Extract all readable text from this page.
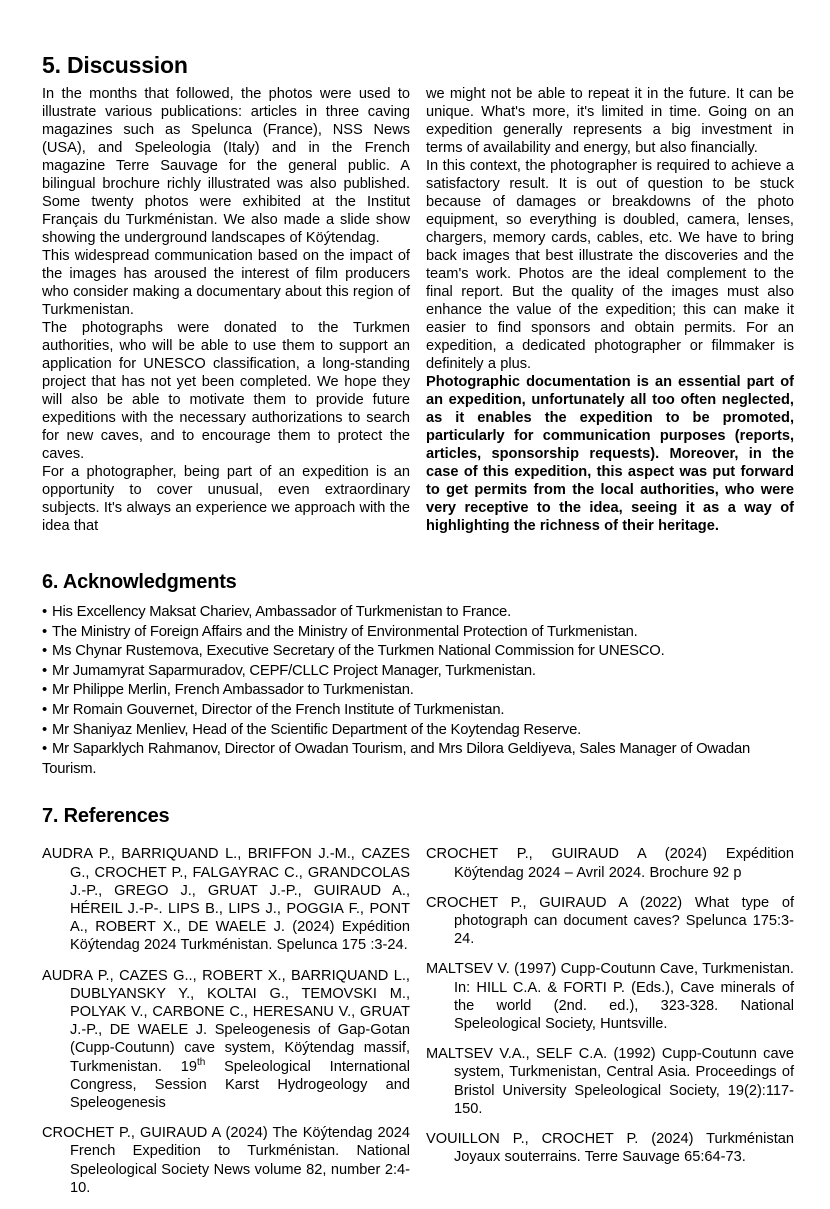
5. Discussion

In the months that followed, the photos were used to illustrate various publications: articles in three caving magazines such as Spelunca (France), NSS News (USA), and Speleologia (Italy) and in the French magazine Terre Sauvage for the general public. A bilingual brochure richly illustrated was also published. Some twenty photos were exhibited at the Institut Français du Turkménistan. We also made a slide show showing the underground landscapes of Köýtendag.

This widespread communication based on the impact of the images has aroused the interest of film producers who consider making a documentary about this region of Turkmenistan.

The photographs were donated to the Turkmen authorities, who will be able to use them to support an application for UNESCO classification, a long-standing project that has not yet been completed. We hope they will also be able to motivate them to provide future expeditions with the necessary authorizations to search for new caves, and to encourage them to protect the caves.

For a photographer, being part of an expedition is an opportunity to cover unusual, even extraordinary subjects. It's always an experience we approach with the idea that

we might not be able to repeat it in the future. It can be unique. What's more, it's limited in time. Going on an expedition generally represents a big investment in terms of availability and energy, but also financially.

In this context, the photographer is required to achieve a satisfactory result. It is out of question to be stuck because of damages or breakdowns of the photo equipment, so everything is doubled, camera, lenses, chargers, memory cards, cables, etc. We have to bring back images that best illustrate the discoveries and the team's work. Photos are the ideal complement to the final report. But the quality of the images must also enhance the value of the expedition; this can make it easier to find sponsors and obtain permits. For an expedition, a dedicated photographer or filmmaker is definitely a plus.

Photographic documentation is an essential part of an expedition, unfortunately all too often neglected, as it enables the expedition to be promoted, particularly for communication purposes (reports, articles, sponsorship requests). Moreover, in the case of this expedition, this aspect was put forward to get permits from the local authorities, who were very receptive to the idea, seeing it as a way of highlighting the richness of their heritage.

6. Acknowledgments
• His Excellency Maksat Chariev, Ambassador of Turkmenistan to France.
• The Ministry of Foreign Affairs and the Ministry of Environmental Protection of Turkmenistan.
• Ms Chynar Rustemova, Executive Secretary of the Turkmen National Commission for UNESCO.
• Mr Jumamyrat Saparmuradov, CEPF/CLLC Project Manager, Turkmenistan.
• Mr Philippe Merlin, French Ambassador to Turkmenistan.
• Mr Romain Gouvernet, Director of the French Institute of Turkmenistan.
• Mr Shaniyaz Menliev, Head of the Scientific Department of the Koytendag Reserve.
• Mr Saparklych Rahmanov, Director of Owadan Tourism, and Mrs Dilora Geldiyeva, Sales Manager of Owadan Tourism.
7. References

AUDRA P., BARRIQUAND L., BRIFFON J.-M., CAZES G., CROCHET P., FALGAYRAC C., GRANDCOLAS J.-P., GREGO J., GRUAT J.-P., GUIRAUD A., HÉREIL J.-P-. LIPS B., LIPS J., POGGIA F., PONT A., ROBERT X., DE WAELE J. (2024) Expédition Köýtendag 2024 Turkménistan. Spelunca 175 :3-24.

AUDRA P., CAZES G.., ROBERT X., BARRIQUAND L., DUBLYANSKY Y., KOLTAI G., TEMOVSKI M., POLYAK V., CARBONE C., HERESANU V., GRUAT J.-P., DE WAELE J. Speleogenesis of Gap-Gotan (Cupp-Coutunn) cave system, Köýtendag massif, Turkmenistan. 19th Speleological International Congress, Session Karst Hydrogeology and Speleogenesis

CROCHET P., GUIRAUD A (2024) The Köýtendag 2024 French Expedition to Turkménistan. National Speleological Society News volume 82, number 2:4-10.

CROCHET P., GUIRAUD A (2024) Expédition Köýtendag 2024 – Avril 2024. Brochure 92 p

CROCHET P., GUIRAUD A (2022) What type of photograph can document caves? Spelunca 175:3-24.

MALTSEV V. (1997) Cupp-Coutunn Cave, Turkmenistan. In: HILL C.A. & FORTI P. (Eds.), Cave minerals of the world (2nd. ed.), 323-328. National Speleological Society, Huntsville.

MALTSEV V.A., SELF C.A. (1992) Cupp-Coutunn cave system, Turkmenistan, Central Asia. Proceedings of Bristol University Speleological Society, 19(2):117-150.

VOUILLON P., CROCHET P. (2024) Turkménistan Joyaux souterrains. Terre Sauvage 65:64-73.
